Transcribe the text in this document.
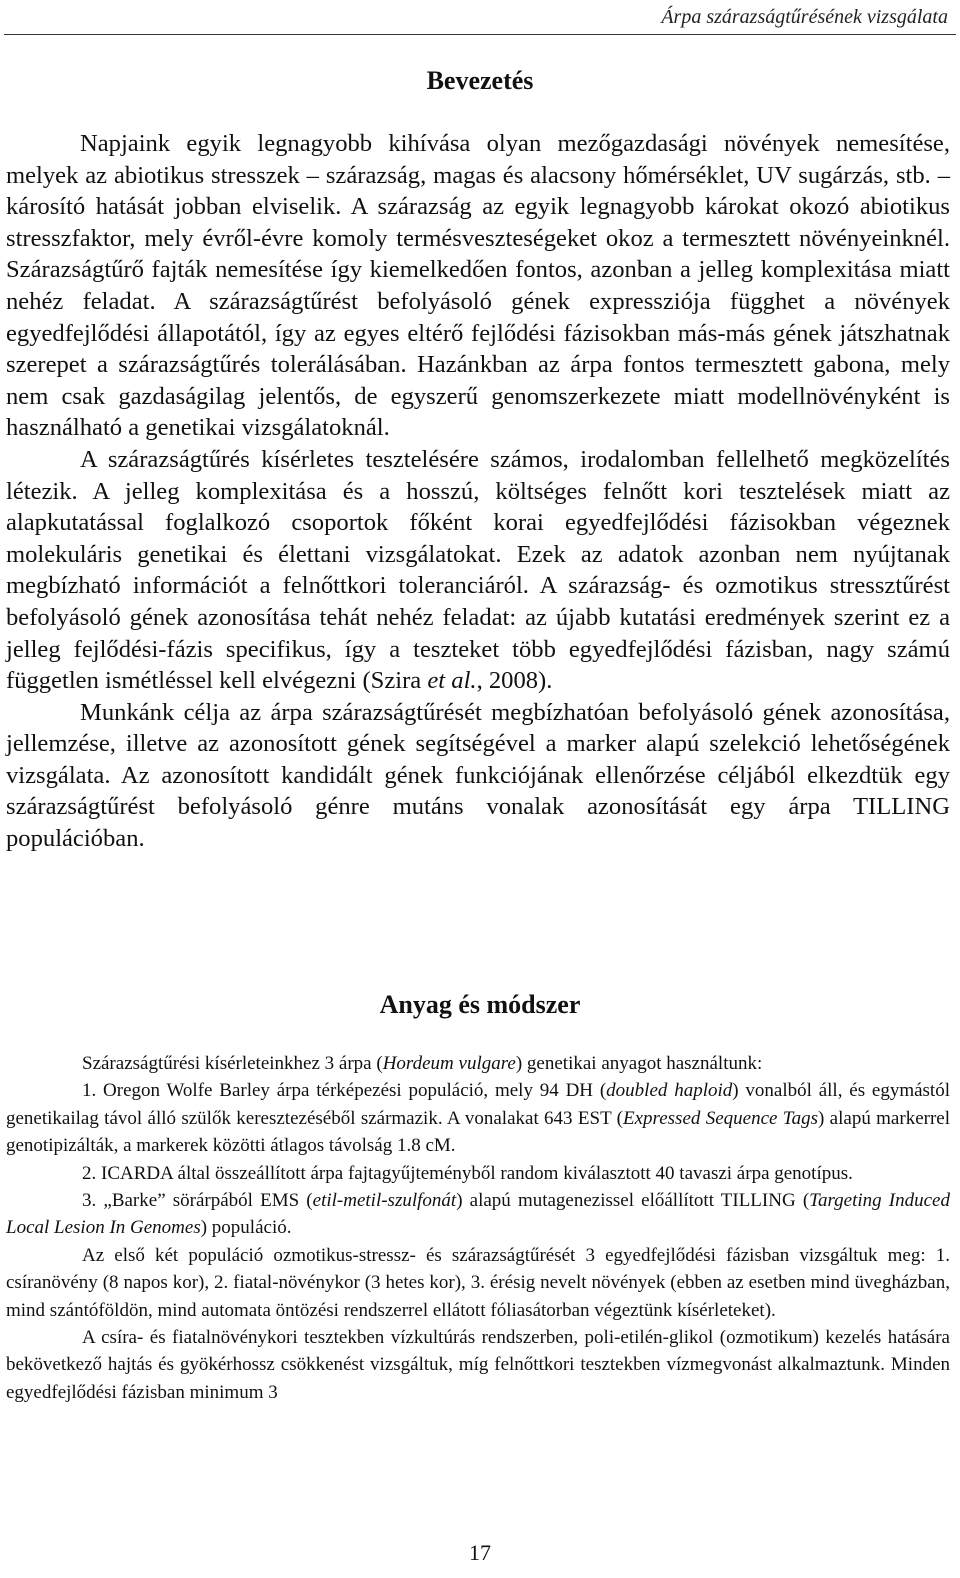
Árpa szárazságtűrésének vizsgálata
Bevezetés

Napjaink egyik legnagyobb kihívása olyan mezőgazdasági növények nemesítése, melyek az abiotikus stresszek – szárazság, magas és alacsony hőmérséklet, UV sugárzás, stb. – károsító hatását jobban elviselik. A szárazság az egyik legnagyobb károkat okozó abiotikus stresszfaktor, mely évről-évre komoly termésveszteségeket okoz a termesztett növényeinknél. Szárazságtűrő fajták nemesítése így kiemelkedően fontos, azonban a jelleg komplexitása miatt nehéz feladat. A szárazságtűrést befolyásoló gének expressziója függhet a növények egyedfejlődési állapotától, így az egyes eltérő fejlődési fázisokban más-más gének játszhatnak szerepet a szárazságtűrés tolerálásában. Hazánkban az árpa fontos termesztett gabona, mely nem csak gazdaságilag jelentős, de egyszerű genomszerkezete miatt modellnövényként is használható a genetikai vizsgálatoknál.

A szárazságtűrés kísérletes tesztelésére számos, irodalomban fellelhető megközelítés létezik. A jelleg komplexitása és a hosszú, költséges felnőtt kori tesztelések miatt az alapkutatással foglalkozó csoportok főként korai egyedfejlődési fázisokban végeznek molekuláris genetikai és élettani vizsgálatokat. Ezek az adatok azonban nem nyújtanak megbízható információt a felnőttkori toleranciáról. A szárazság- és ozmotikus stressztűrést befolyásoló gének azonosítása tehát nehéz feladat: az újabb kutatási eredmények szerint ez a jelleg fejlődési-fázis specifikus, így a teszteket több egyedfejlődési fázisban, nagy számú független ismétléssel kell elvégezni (Szira et al., 2008).

Munkánk célja az árpa szárazságtűrését megbízhatóan befolyásoló gének azonosítása, jellemzése, illetve az azonosított gének segítségével a marker alapú szelekció lehetőségének vizsgálata. Az azonosított kandidált gének funkciójának ellenőrzése céljából elkezdtük egy szárazságtűrést befolyásoló génre mutáns vonalak azonosítását egy árpa TILLING populációban.

Anyag és módszer

Szárazságtűrési kísérleteinkhez 3 árpa (Hordeum vulgare) genetikai anyagot használtunk:

1. Oregon Wolfe Barley árpa térképezési populáció, mely 94 DH (doubled haploid) vonalból áll, és egymástól genetikailag távol álló szülők keresztezéséből származik. A vonalakat 643 EST (Expressed Sequence Tags) alapú markerrel genotipizálták, a markerek közötti átlagos távolság 1.8 cM.

2. ICARDA által összeállított árpa fajtagyűjteményből random kiválasztott 40 tavaszi árpa genotípus.

3. „Barke” sörárpából EMS (etil-metil-szulfonát) alapú mutagenezissel előállított TILLING (Targeting Induced Local Lesion In Genomes) populáció.

Az első két populáció ozmotikus-stressz- és szárazságtűrését 3 egyedfejlődési fázisban vizsgáltuk meg: 1. csíranövény (8 napos kor), 2. fiatal-növénykor (3 hetes kor), 3. érésig nevelt növények (ebben az esetben mind üvegházban, mind szántóföldön, mind automata öntözési rendszerrel ellátott fóliasátorban végeztünk kísérleteket).

A csíra- és fiatalnövénykori tesztekben vízkultúrás rendszerben, poli-etilén-glikol (ozmotikum) kezelés hatására bekövetkező hajtás és gyökérhossz csökkenést vizsgáltuk, míg felnőttkori tesztekben vízmegvonást alkalmaztunk. Minden egyedfejlődési fázisban minimum 3

17
